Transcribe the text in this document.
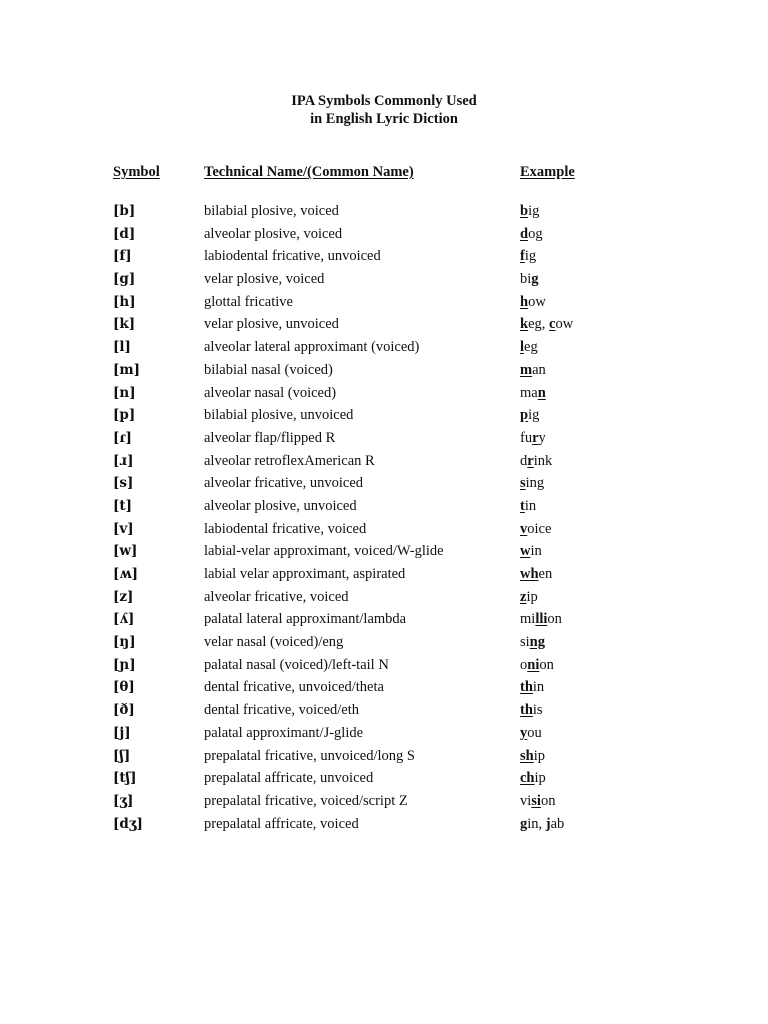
IPA Symbols Commonly Used
in English Lyric Diction
Symbol	Technical Name/(Common Name)	Example
[b]	bilabial plosive, voiced	big
[d]	alveolar plosive, voiced	dog
[f]	labiodental fricative, unvoiced	fig
[g]	velar plosive, voiced	big
[h]	glottal fricative	how
[k]	velar plosive, unvoiced	keg, cow
[l]	alveolar lateral approximant (voiced)	leg
[m]	bilabial nasal (voiced)	man
[n]	alveolar nasal (voiced)	man
[p]	bilabial plosive, unvoiced	pig
[ɾ]	alveolar flap/flipped R	fury
[ɹ]	alveolar retroflexAmerican R	drink
[s]	alveolar fricative, unvoiced	sing
[t]	alveolar plosive, unvoiced	tin
[v]	labiodental fricative, voiced	voice
[w]	labial-velar approximant, voiced/W-glide	win
[ʍ]	labial velar approximant, aspirated	when
[z]	alveolar fricative, voiced	zip
[ʎ]	palatal lateral approximant/lambda	million
[ŋ]	velar nasal (voiced)/eng	sing
[ɲ]	palatal nasal (voiced)/left-tail N	onion
[θ]	dental fricative, unvoiced/theta	thin
[ð]	dental fricative, voiced/eth	this
[j]	palatal approximant/J-glide	you
[ʃ]	prepalatal fricative, unvoiced/long S	ship
[tʃ]	prepalatal affricate, unvoiced	chip
[ʒ]	prepalatal fricative, voiced/script Z	vision
[dʒ]	prepalatal affricate, voiced	gin, jab
